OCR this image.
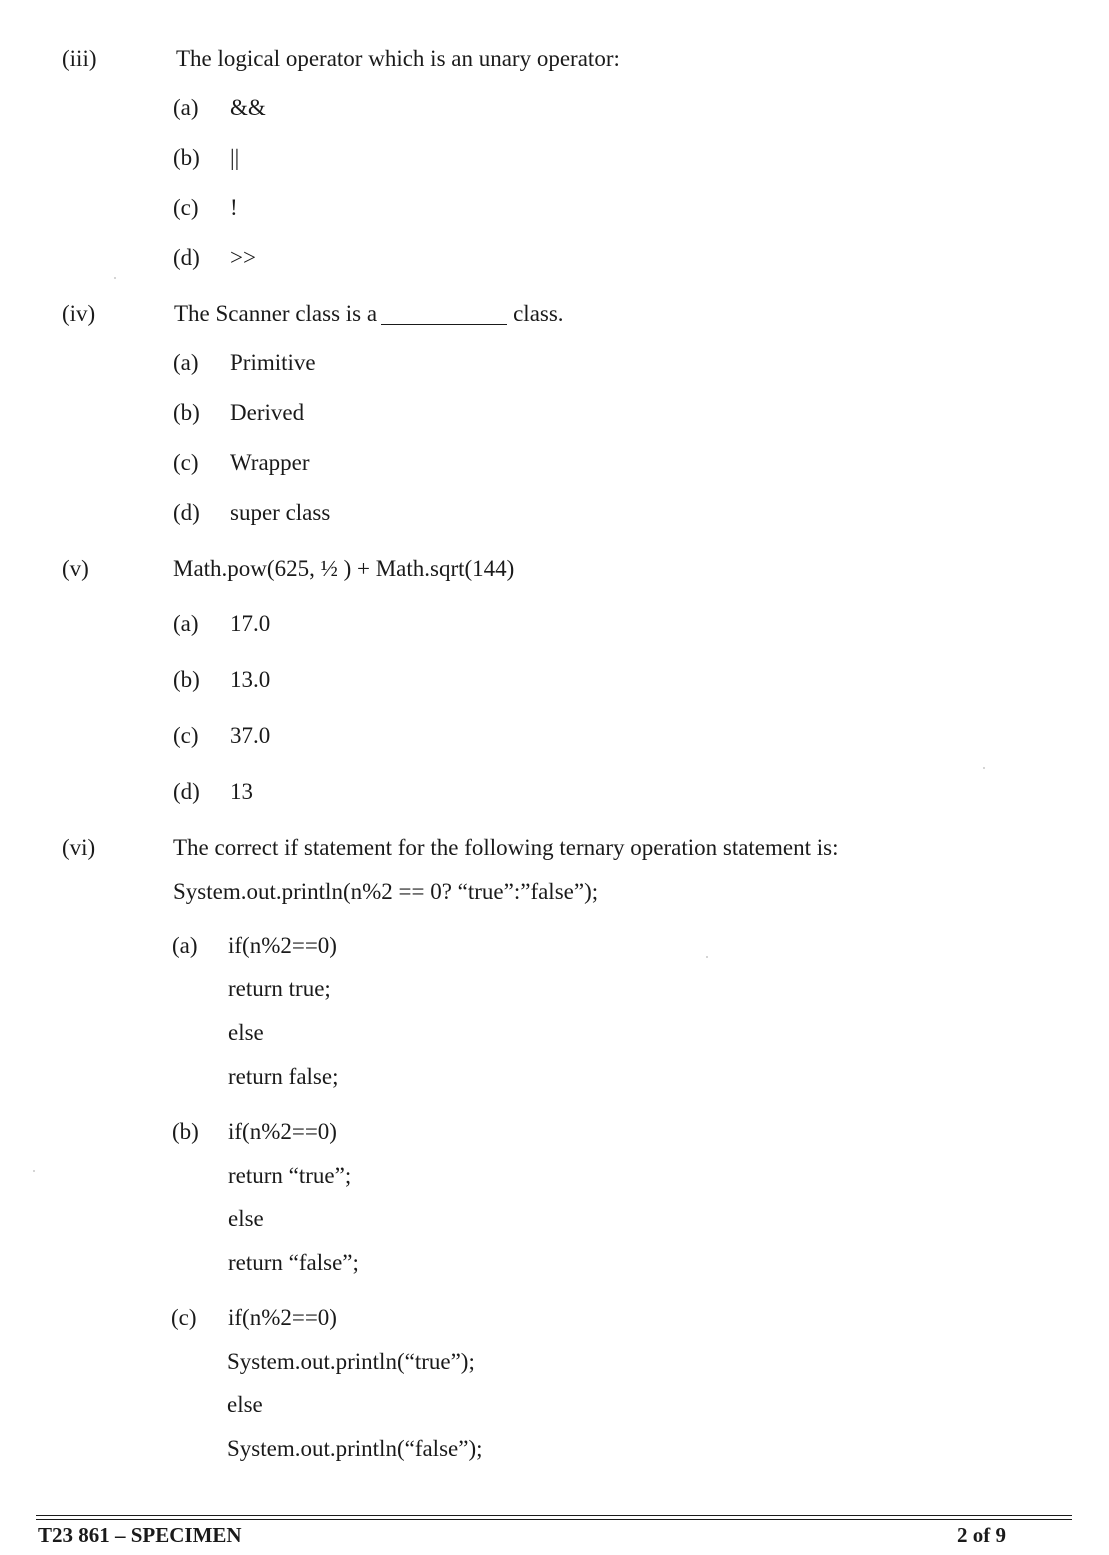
(iii)	The logical operator which is an unary operator:
(a) &&
(b) ||
(c) !
(d) >>
(iv)	The Scanner class is a	class.
(a) Primitive
(b) Derived
(c) Wrapper
(d) super class
(v)	Math.pow(625, ½ ) + Math.sqrt(144)
(a) 17.0
(b) 13.0
(c) 37.0
(d) 13
(vi)	The correct if statement for the following ternary operation statement is:
System.out.println(n%2 == 0? “true”:”false”);
(a) if(n%2==0)
return true;
else
return false;
(b) if(n%2==0)
return “true”;
else
return “false”;
(c) if(n%2==0)
System.out.println(“true”);
else
System.out.println(“false”);
T23 861 – SPECIMEN	2 of 9
